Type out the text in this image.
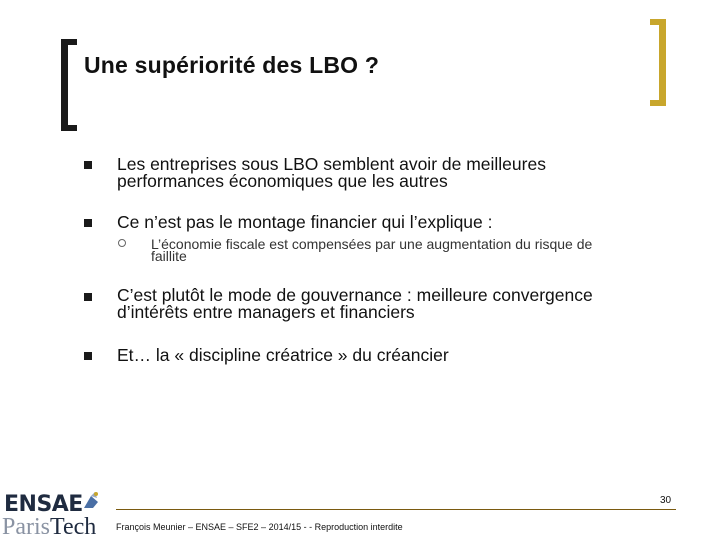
Une supériorité des LBO ?
Les entreprises sous LBO semblent avoir de meilleures
performances économiques que les autres
Ce n’est pas le montage financier qui l’explique :
L’économie fiscale est compensées par une augmentation du risque de
faillite
C’est plutôt le mode de gouvernance : meilleure convergence
d’intérêts entre managers et financiers
Et… la « discipline créatrice » du créancier
30
François Meunier – ENSAE – SFE2 – 2014/15 - - Reproduction interdite
ENSAE
ParisTech
